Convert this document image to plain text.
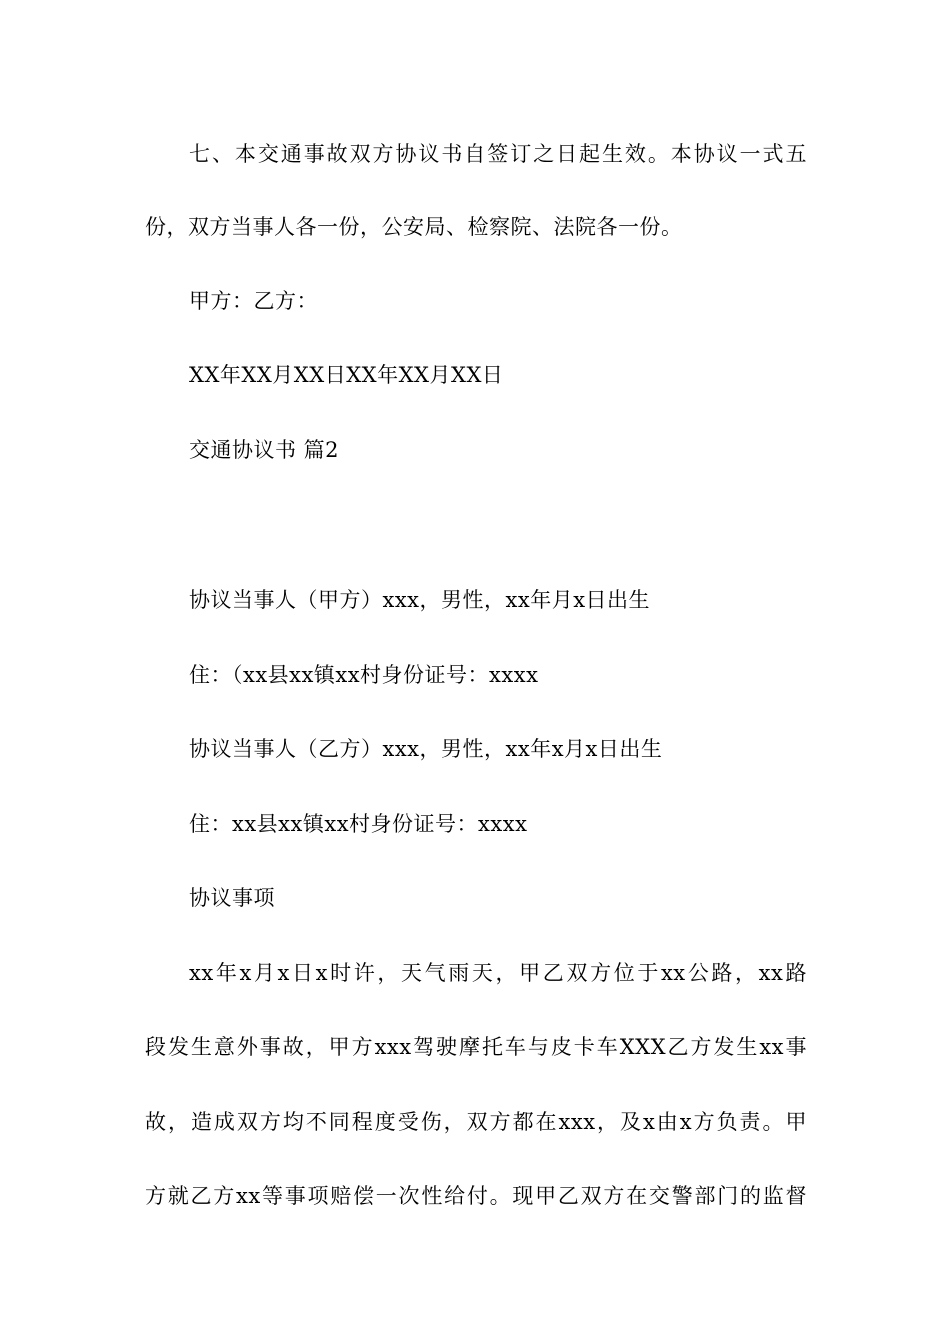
七、本交通事故双方协议书自签订之日起生效。本协议一式五
份，双方当事人各一份，公安局、检察院、法院各一份。
甲方：乙方：
XX年XX月XX日XX年XX月XX日
交通协议书 篇2
协议当事人（甲方）xxx，男性，xx年月x日出生
住：（xx县xx镇xx村身份证号：xxxx
协议当事人（乙方）xxx，男性，xx年x月x日出生
住：xx县xx镇xx村身份证号：xxxx
协议事项
xx年x月x日x时许，天气雨天，甲乙双方位于xx公路，xx路
段发生意外事故，甲方xxx驾驶摩托车与皮卡车XXX乙方发生xx事
故，造成双方均不同程度受伤，双方都在xxx，及x由x方负责。甲
方就乙方xx等事项赔偿一次性给付。现甲乙双方在交警部门的监督
